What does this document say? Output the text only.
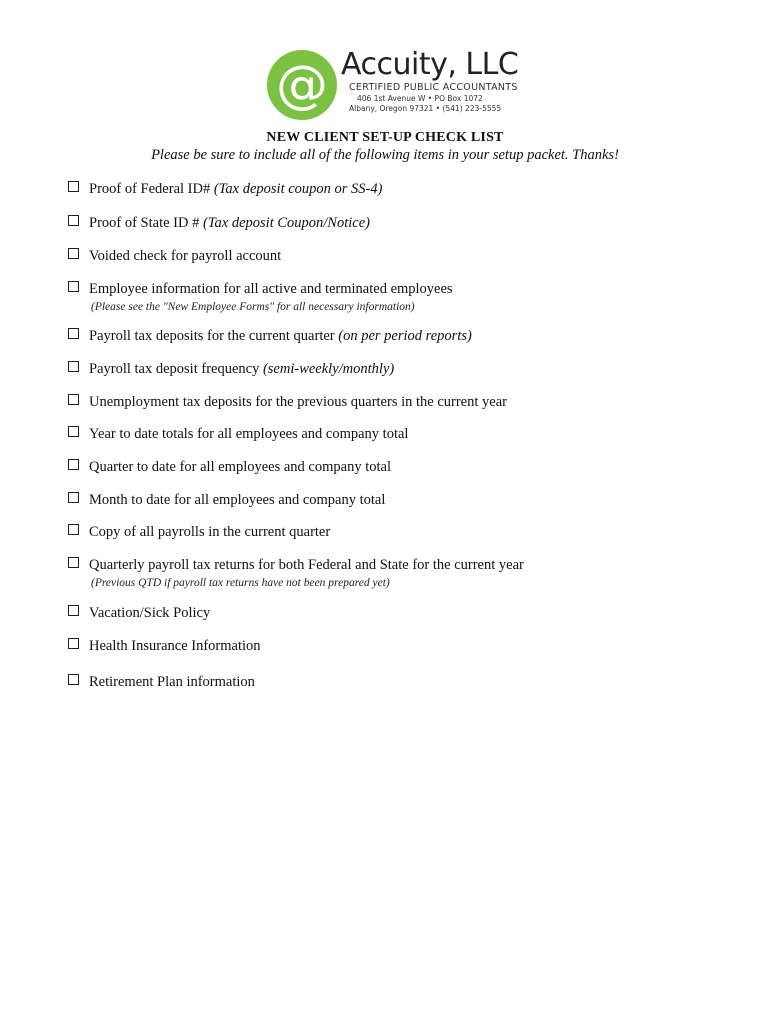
@ Accuity, LLC
CERTIFIED PUBLIC ACCOUNTANTS
406 1st Avenue W • PO Box 1072
Albany, Oregon 97321 • (541) 223-5555
NEW CLIENT SET-UP CHECK LIST
Please be sure to include all of the following items in your setup packet. Thanks!
Proof of Federal ID# (Tax deposit coupon or SS-4)
Proof of State ID # (Tax deposit Coupon/Notice)
Voided check for payroll account
Employee information for all active and terminated employees
(Please see the "New Employee Forms" for all necessary information)
Payroll tax deposits for the current quarter (on per period reports)
Payroll tax deposit frequency (semi-weekly/monthly)
Unemployment tax deposits for the previous quarters in the current year
Year to date totals for all employees and company total
Quarter to date for all employees and company total
Month to date for all employees and company total
Copy of all payrolls in the current quarter
Quarterly payroll tax returns for both Federal and State for the current year
(Previous QTD if payroll tax returns have not been prepared yet)
Vacation/Sick Policy
Health Insurance Information
Retirement Plan information
